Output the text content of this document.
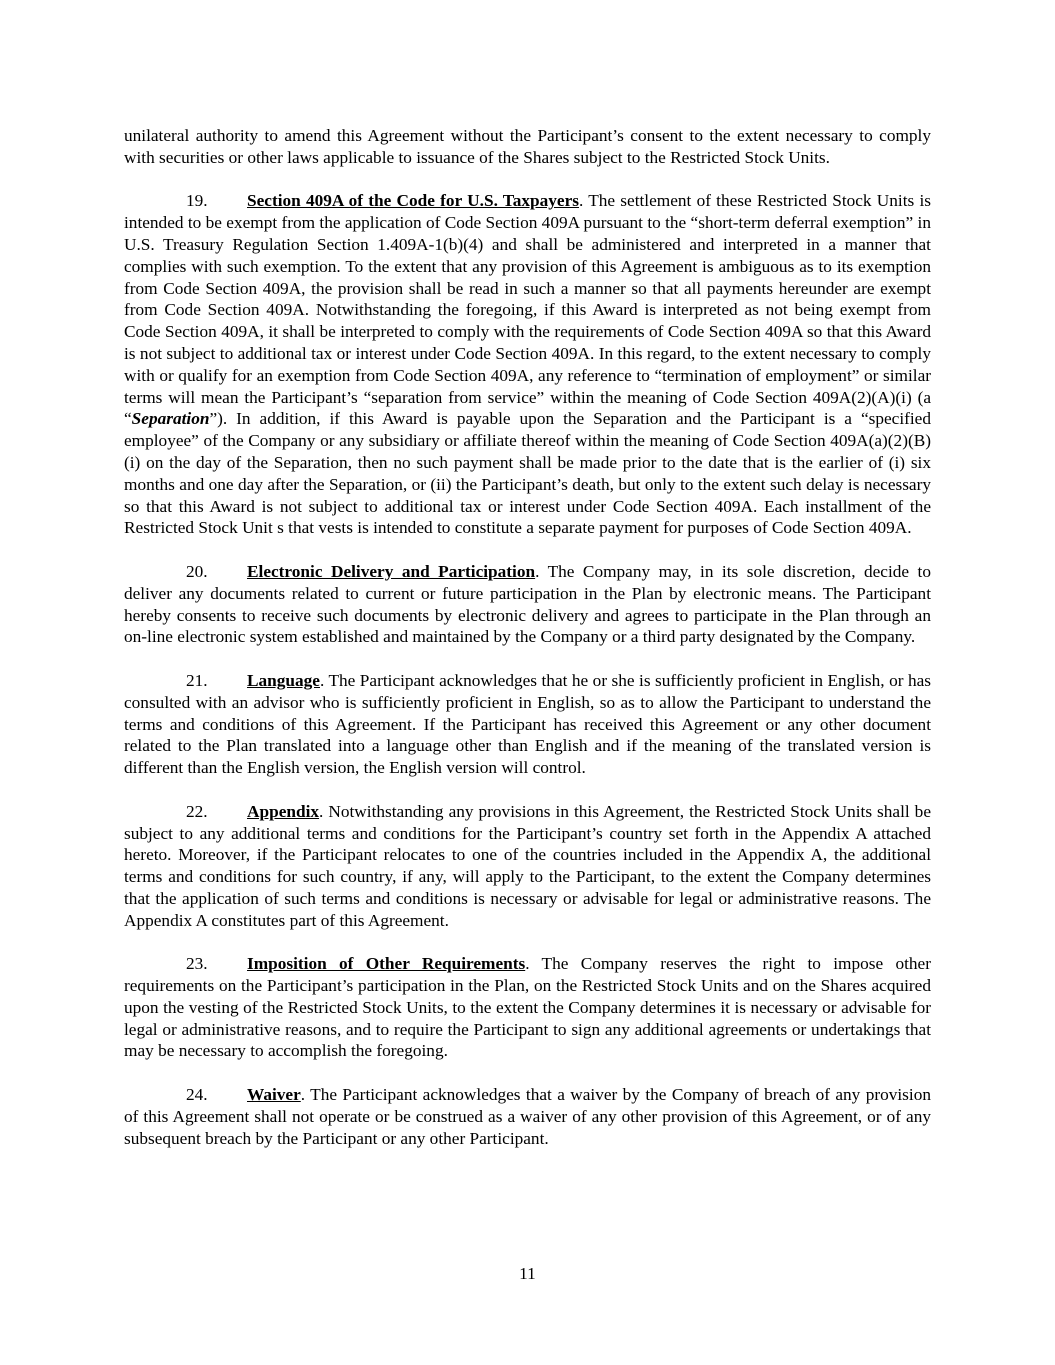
unilateral authority to amend this Agreement without the Participant’s consent to the extent necessary to comply with securities or other laws applicable to issuance of the Shares subject to the Restricted Stock Units.

19. Section 409A of the Code for U.S. Taxpayers. The settlement of these Restricted Stock Units is intended to be exempt from the application of Code Section 409A pursuant to the “short-term deferral exemption” in U.S. Treasury Regulation Section 1.409A-1(b)(4) and shall be administered and interpreted in a manner that complies with such exemption. To the extent that any provision of this Agreement is ambiguous as to its exemption from Code Section 409A, the provision shall be read in such a manner so that all payments hereunder are exempt from Code Section 409A. Notwithstanding the foregoing, if this Award is interpreted as not being exempt from Code Section 409A, it shall be interpreted to comply with the requirements of Code Section 409A so that this Award is not subject to additional tax or interest under Code Section 409A. In this regard, to the extent necessary to comply with or qualify for an exemption from Code Section 409A, any reference to “termination of employment” or similar terms will mean the Participant’s “separation from service” within the meaning of Code Section 409A(2)(A)(i) (a “Separation”). In addition, if this Award is payable upon the Separation and the Participant is a “specified employee” of the Company or any subsidiary or affiliate thereof within the meaning of Code Section 409A(a)(2)(B)(i) on the day of the Separation, then no such payment shall be made prior to the date that is the earlier of (i) six months and one day after the Separation, or (ii) the Participant’s death, but only to the extent such delay is necessary so that this Award is not subject to additional tax or interest under Code Section 409A. Each installment of the Restricted Stock Unit s that vests is intended to constitute a separate payment for purposes of Code Section 409A.

20. Electronic Delivery and Participation. The Company may, in its sole discretion, decide to deliver any documents related to current or future participation in the Plan by electronic means. The Participant hereby consents to receive such documents by electronic delivery and agrees to participate in the Plan through an on-line electronic system established and maintained by the Company or a third party designated by the Company.

21. Language. The Participant acknowledges that he or she is sufficiently proficient in English, or has consulted with an advisor who is sufficiently proficient in English, so as to allow the Participant to understand the terms and conditions of this Agreement. If the Participant has received this Agreement or any other document related to the Plan translated into a language other than English and if the meaning of the translated version is different than the English version, the English version will control.

22. Appendix. Notwithstanding any provisions in this Agreement, the Restricted Stock Units shall be subject to any additional terms and conditions for the Participant’s country set forth in the Appendix A attached hereto. Moreover, if the Participant relocates to one of the countries included in the Appendix A, the additional terms and conditions for such country, if any, will apply to the Participant, to the extent the Company determines that the application of such terms and conditions is necessary or advisable for legal or administrative reasons. The Appendix A constitutes part of this Agreement.

23. Imposition of Other Requirements. The Company reserves the right to impose other requirements on the Participant’s participation in the Plan, on the Restricted Stock Units and on the Shares acquired upon the vesting of the Restricted Stock Units, to the extent the Company determines it is necessary or advisable for legal or administrative reasons, and to require the Participant to sign any additional agreements or undertakings that may be necessary to accomplish the foregoing.

24. Waiver. The Participant acknowledges that a waiver by the Company of breach of any provision of this Agreement shall not operate or be construed as a waiver of any other provision of this Agreement, or of any subsequent breach by the Participant or any other Participant.

11
